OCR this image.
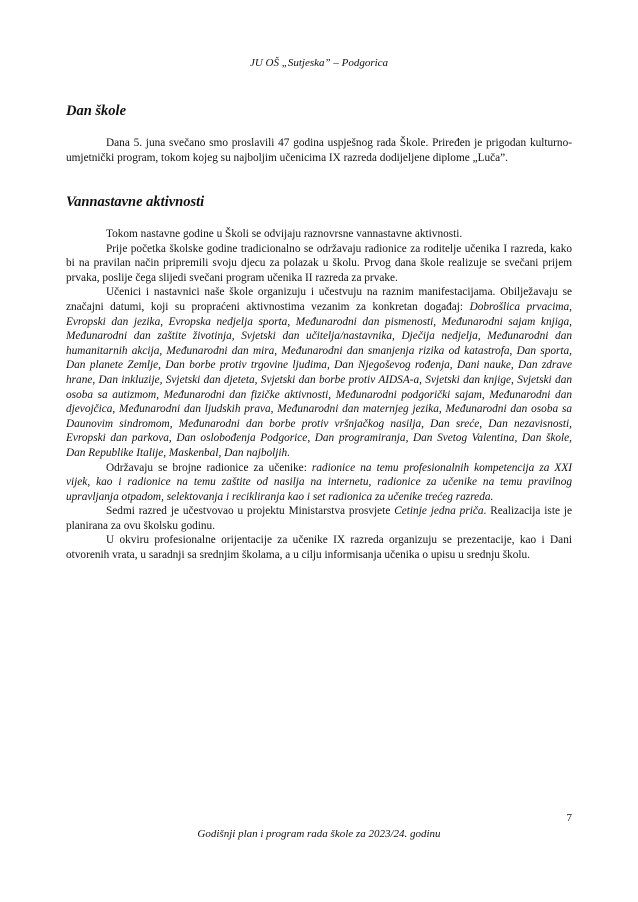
JU OŠ „Sutjeska” – Podgorica
Dan škole

Dana 5. juna svečano smo proslavili 47 godina uspješnog rada Škole. Priređen je prigodan kulturno-umjetnički program, tokom kojeg su najboljim učenicima IX razreda dodijeljene diplome „Luča”.

Vannastavne aktivnosti

Tokom nastavne godine u Školi se odvijaju raznovrsne vannastavne aktivnosti.

Prije početka školske godine tradicionalno se održavaju radionice za roditelje učenika I razreda, kako bi na pravilan način pripremili svoju djecu za polazak u školu. Prvog dana škole realizuje se svečani prijem prvaka, poslije čega slijedi svečani program učenika II razreda za prvake.

Učenici i nastavnici naše škole organizuju i učestvuju na raznim manifestacijama. Obilježavaju se značajni datumi, koji su propraćeni aktivnostima vezanim za konkretan događaj: Dobrošlica prvacima, Evropski dan jezika, Evropska nedjelja sporta, Međunarodni dan pismenosti, Međunarodni sajam knjiga, Međunarodni dan zaštite životinja, Svjetski dan učitelja/nastavnika, Dječija nedjelja, Međunarodni dan humanitarnih akcija, Međunarodni dan mira, Međunarodni dan smanjenja rizika od katastrofa, Dan sporta, Dan planete Zemlje, Dan borbe protiv trgovine ljudima, Dan Njegoševog rođenja, Dani nauke, Dan zdrave hrane, Dan inkluzije, Svjetski dan djeteta, Svjetski dan borbe protiv AIDSA-a, Svjetski dan knjige, Svjetski dan osoba sa autizmom, Međunarodni dan fizičke aktivnosti, Međunarodni podgorički sajam, Međunarodni dan djevojčica, Međunarodni dan ljudskih prava, Međunarodni dan maternjeg jezika, Međunarodni dan osoba sa Daunovim sindromom, Međunarodni dan borbe protiv vršnjačkog nasilja, Dan sreće, Dan nezavisnosti, Evropski dan parkova, Dan oslobođenja Podgorice, Dan programiranja, Dan Svetog Valentina, Dan škole, Dan Republike Italije, Maskenbal, Dan najboljih.

Održavaju se brojne radionice za učenike: radionice na temu profesionalnih kompetencija za XXI vijek, kao i radionice na temu zaštite od nasilja na internetu, radionice za učenike na temu pravilnog upravljanja otpadom, selektovanja i recikliranja kao i set radionica za učenike trećeg razreda.

Sedmi razred je učestvovao u projektu Ministarstva prosvjete Cetinje jedna priča. Realizacija iste je planirana za ovu školsku godinu.

U okviru profesionalne orijentacije za učenike IX razreda organizuju se prezentacije, kao i Dani otvorenih vrata, u saradnji sa srednjim školama, a u cilju informisanja učenika o upisu u srednju školu.

7
Godišnji plan i program rada škole za 2023/24. godinu
